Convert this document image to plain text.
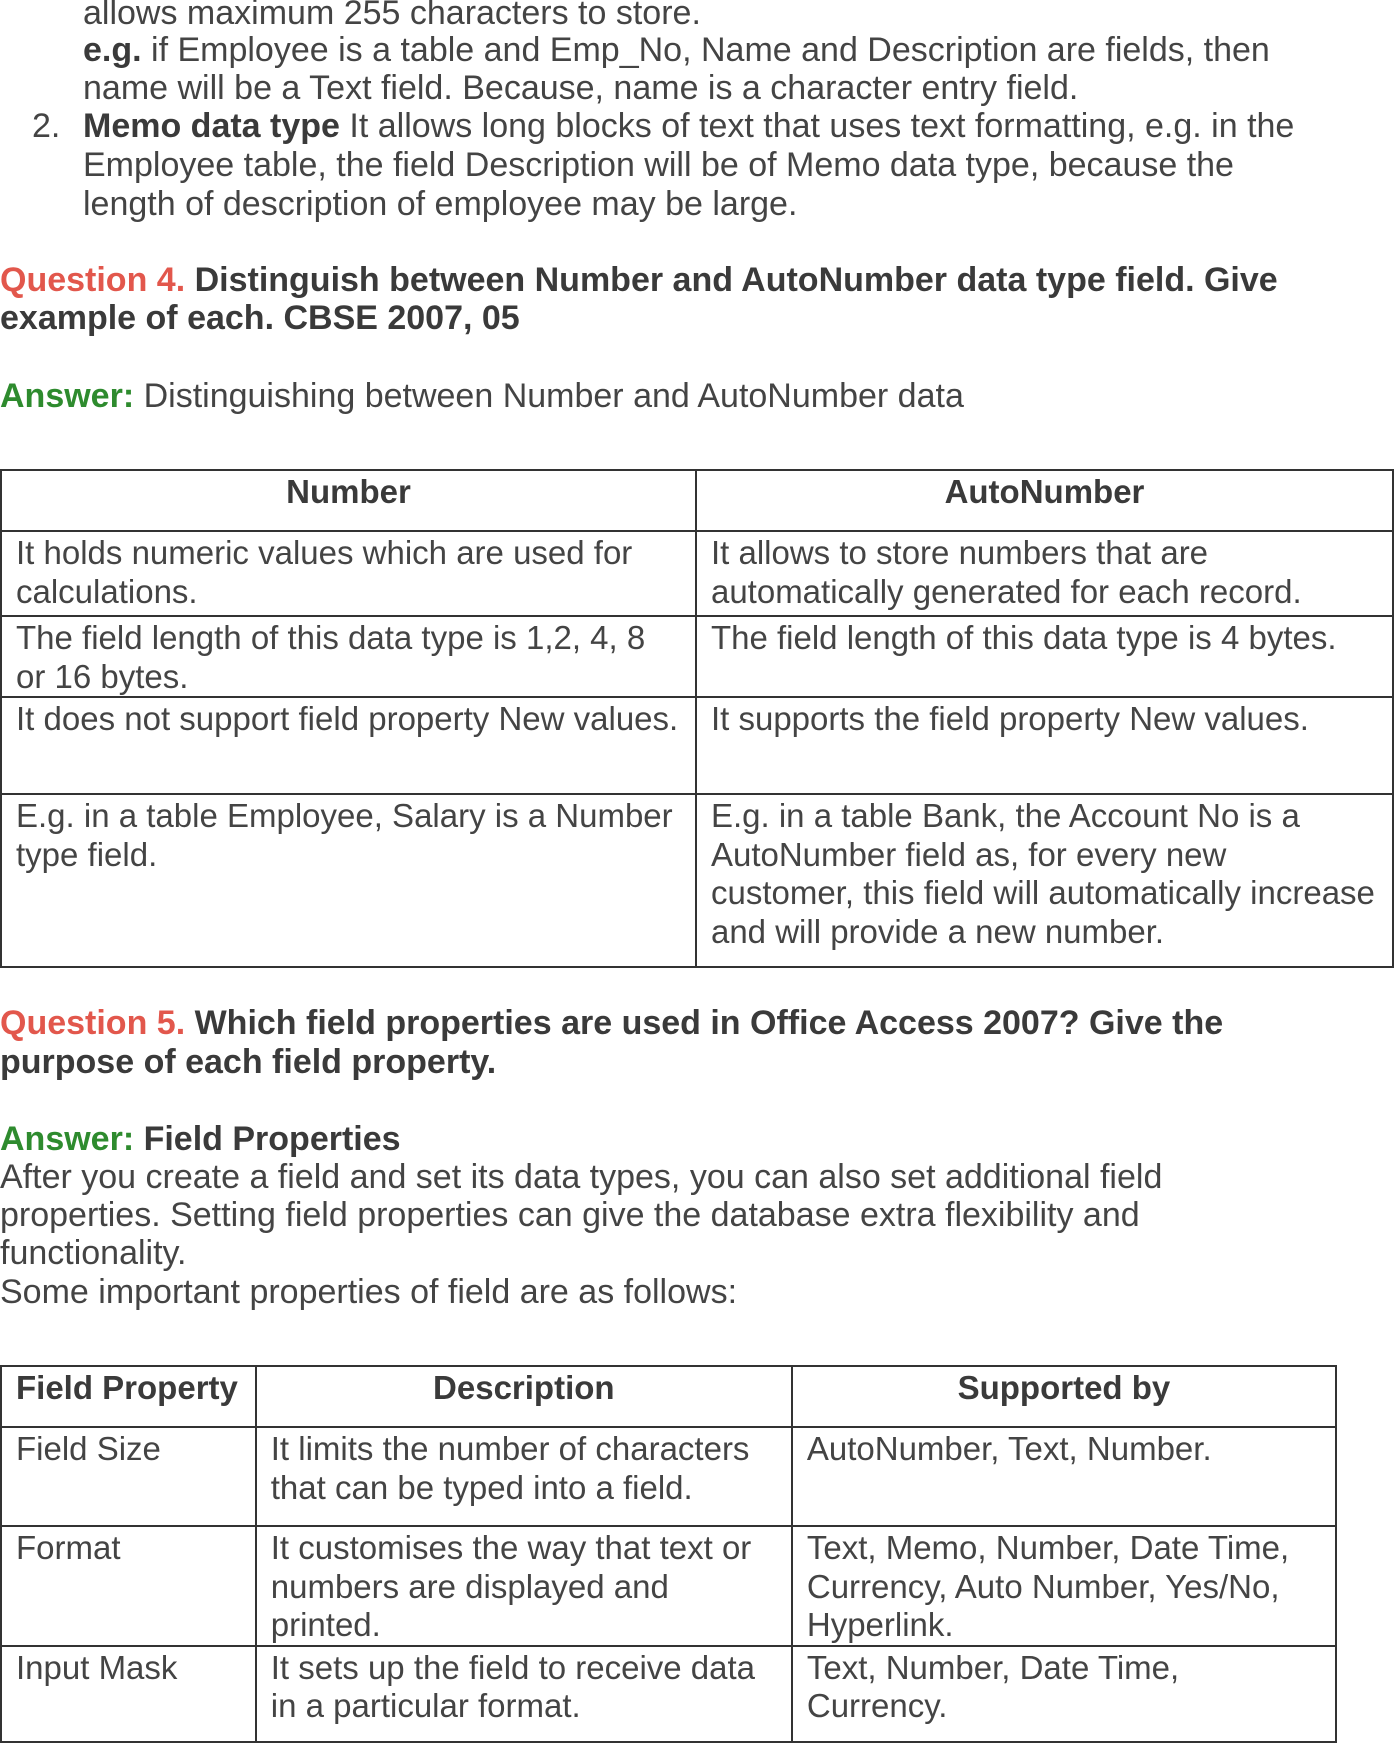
allows maximum 255 characters to store.
e.g. if Employee is a table and Emp_No, Name and Description are fields, then
name will be a Text field. Because, name is a character entry field.
2. Memo data type It allows long blocks of text that uses text formatting, e.g. in the
Employee table, the field Description will be of Memo data type, because the
length of description of employee may be large.
Question 4. Distinguish between Number and AutoNumber data type field. Give
example of each. CBSE 2007, 05
Answer: Distinguishing between Number and AutoNumber data
Number	AutoNumber
It holds numeric values which are used for calculations.	It allows to store numbers that are automatically generated for each record.
The field length of this data type is 1,2, 4, 8 or 16 bytes.	The field length of this data type is 4 bytes.
It does not support field property New values.	It supports the field property New values.
E.g. in a table Employee, Salary is a Number type field.	E.g. in a table Bank, the Account No is a AutoNumber field as, for every new customer, this field will automatically increase and will provide a new number.
Question 5. Which field properties are used in Office Access 2007? Give the
purpose of each field property.
Answer: Field Properties
After you create a field and set its data types, you can also set additional field
properties. Setting field properties can give the database extra flexibility and
functionality.
Some important properties of field are as follows:
Field Property	Description	Supported by
Field Size	It limits the number of characters that can be typed into a field.	AutoNumber, Text, Number.
Format	It customises the way that text or numbers are displayed and printed.	Text, Memo, Number, Date Time, Currency, Auto Number, Yes/No, Hyperlink.
Input Mask	It sets up the field to receive data in a particular format.	Text, Number, Date Time, Currency.
